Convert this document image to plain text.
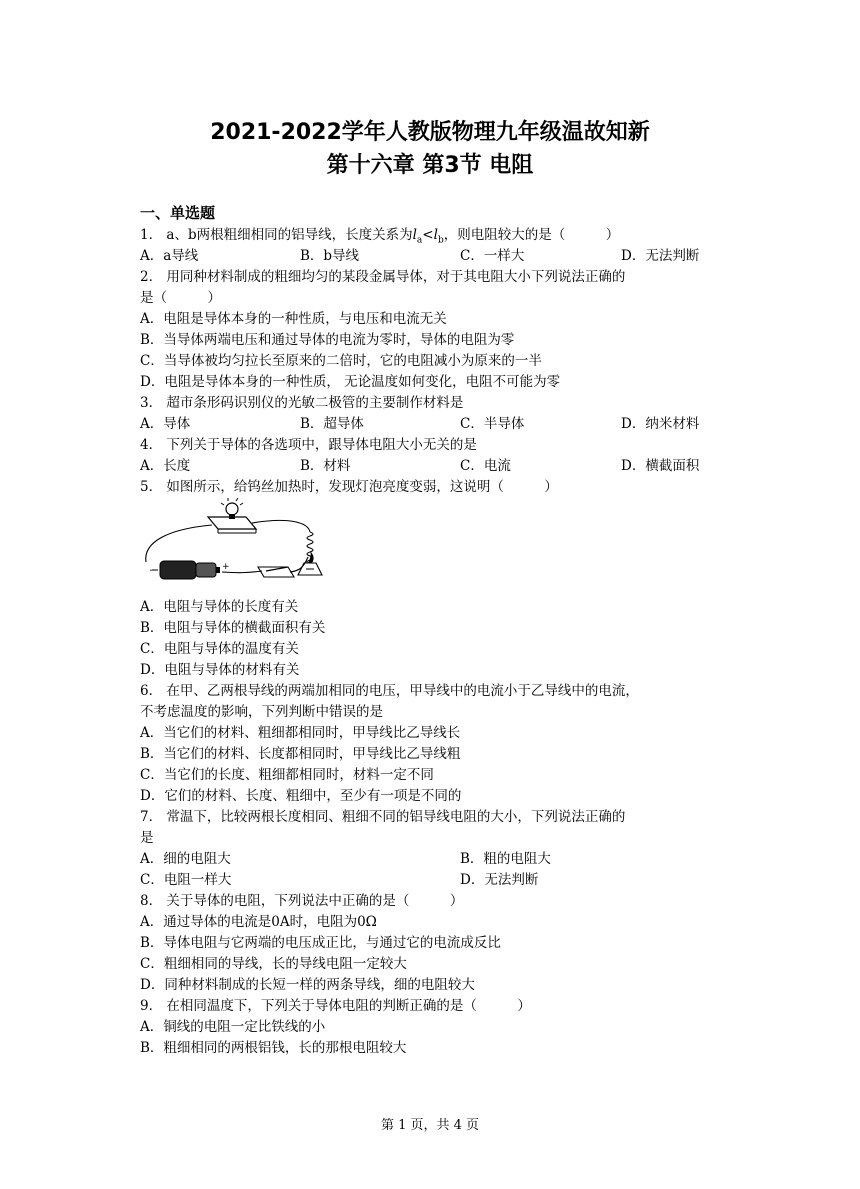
2021-2022学年人教版物理九年级温故知新
第十六章 第3节 电阻
一、单选题
1． a、b两根粗细相同的铝导线，长度关系为$l_a<l_b$，则电阻较大的是（　　　）
A．a导线	B．b导线	C．一样大	D．无法判断
2． 用同种材料制成的粗细均匀的某段金属导体，对于其电阻大小下列说法正确的
是（　　　）
A．电阻是导体本身的一种性质，与电压和电流无关
B．当导体两端电压和通过导体的电流为零时，导体的电阻为零
C．当导体被均匀拉长至原来的二倍时，它的电阻减小为原来的一半
D．电阻是导体本身的一种性质， 无论温度如何变化，电阻不可能为零
3． 超市条形码识别仪的光敏二极管的主要制作材料是
A．导体	B．超导体	C．半导体	D．纳米材料
4． 下列关于导体的各选项中，跟导体电阻大小无关的是
A．长度	B．材料	C．电流	D．横截面积
5． 如图所示，给钨丝加热时，发现灯泡亮度变弱，这说明（　　　）
−	+
A．电阻与导体的长度有关
B．电阻与导体的横截面积有关
C．电阻与导体的温度有关
D．电阻与导体的材料有关
6． 在甲、乙两根导线的两端加相同的电压，甲导线中的电流小于乙导线中的电流，
不考虑温度的影响，下列判断中错误的是
A．当它们的材料、粗细都相同时，甲导线比乙导线长
B．当它们的材料、长度都相同时，甲导线比乙导线粗
C．当它们的长度、粗细都相同时，材料一定不同
D．它们的材料、长度、粗细中，至少有一项是不同的
7． 常温下，比较两根长度相同、粗细不同的铝导线电阻的大小，下列说法正确的
是
A．细的电阻大	B．粗的电阻大
C．电阻一样大	D．无法判断
8． 关于导体的电阻，下列说法中正确的是（　　　）
A．通过导体的电流是0A时，电阻为0Ω
B．导体电阻与它两端的电压成正比，与通过它的电流成反比
C．粗细相同的导线，长的导线电阻一定较大
D．同种材料制成的长短一样的两条导线，细的电阻较大
9． 在相同温度下，下列关于导体电阻的判断正确的是（　　　）
A．铜线的电阻一定比铁线的小
B．粗细相同的两根铝钱，长的那根电阻较大
第 1 页，共 4 页
